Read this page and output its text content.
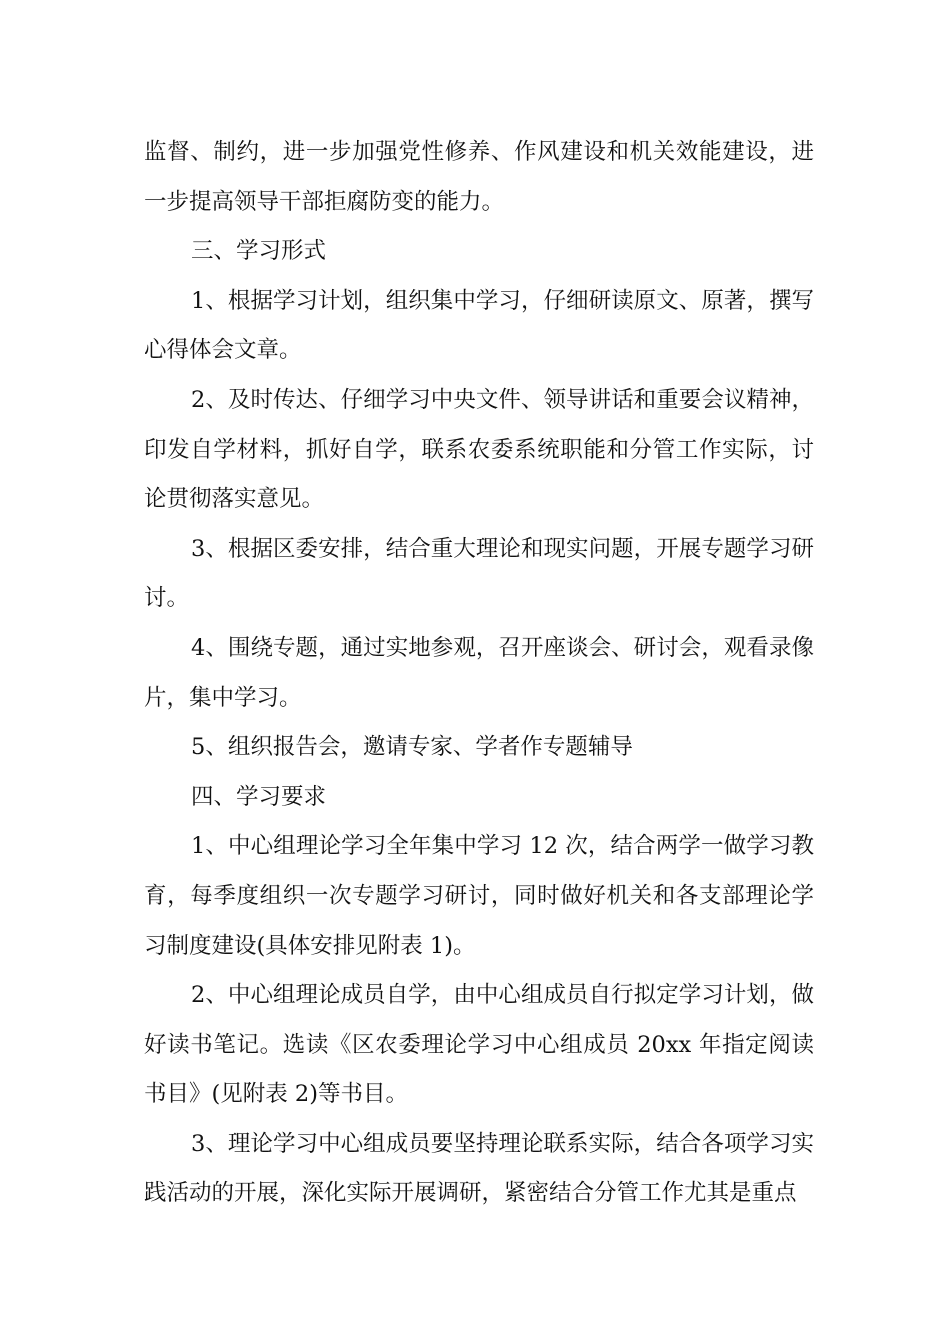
监督、制约，进一步加强党性修养、作风建设和机关效能建设，进一步提高领导干部拒腐防变的能力。

三、学习形式

1、根据学习计划，组织集中学习，仔细研读原文、原著，撰写心得体会文章。

2、及时传达、仔细学习中央文件、领导讲话和重要会议精神，印发自学材料，抓好自学，联系农委系统职能和分管工作实际，讨论贯彻落实意见。

3、根据区委安排，结合重大理论和现实问题，开展专题学习研讨。

4、围绕专题，通过实地参观，召开座谈会、研讨会，观看录像片，集中学习。

5、组织报告会，邀请专家、学者作专题辅导

四、学习要求

1、中心组理论学习全年集中学习 12 次，结合两学一做学习教育，每季度组织一次专题学习研讨，同时做好机关和各支部理论学习制度建设(具体安排见附表 1)。

2、中心组理论成员自学，由中心组成员自行拟定学习计划，做好读书笔记。选读《区农委理论学习中心组成员 20xx 年指定阅读书目》(见附表 2)等书目。

3、理论学习中心组成员要坚持理论联系实际，结合各项学习实践活动的开展，深化实际开展调研，紧密结合分管工作尤其是重点
